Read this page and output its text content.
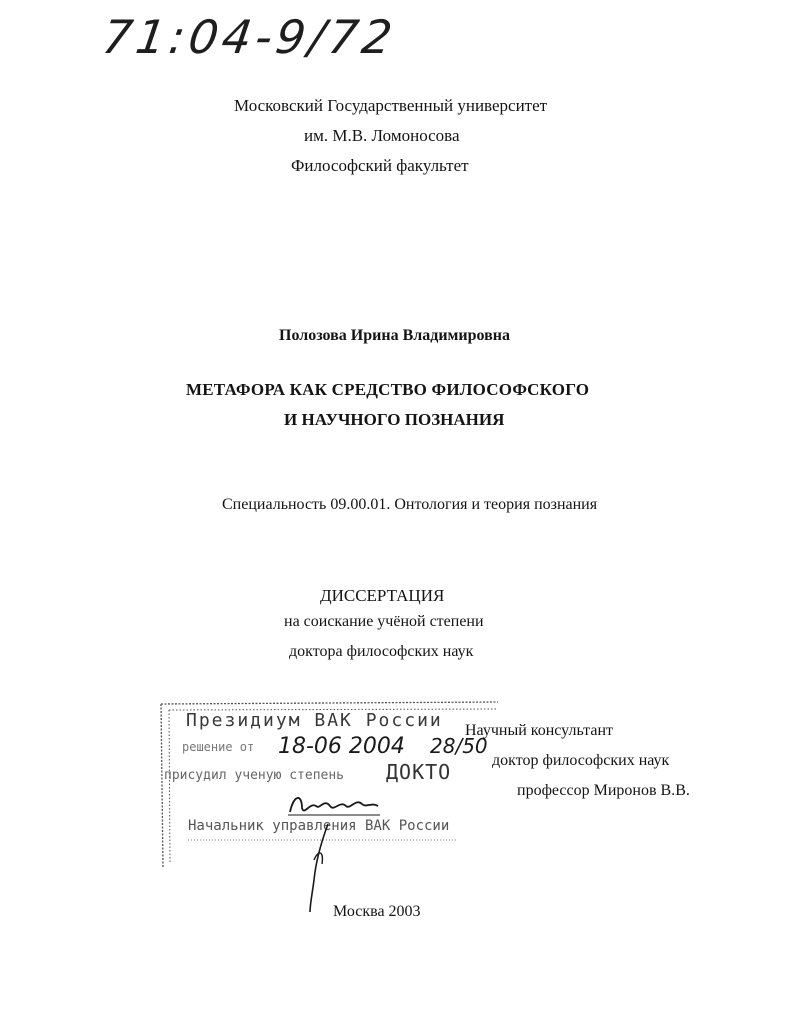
71:04-9/72
Московский Государственный университет
им. М.В. Ломоносова
Философский факультет
Полозова Ирина Владимировна
МЕТАФОРА КАК СРЕДСТВО ФИЛОСОФСКОГО
И НАУЧНОГО ПОЗНАНИЯ
Специальность 09.00.01. Онтология и теория познания
ДИССЕРТАЦИЯ
на соискание учёной степени
доктора философских наук
Научный консультант
доктор философских наук
профессор Миронов В.В.
Президиум ВАК России
решение от 18-06 2004 28/50
присудил ученую степень ДОКТО
Начальник управления ВАК России
Москва 2003
